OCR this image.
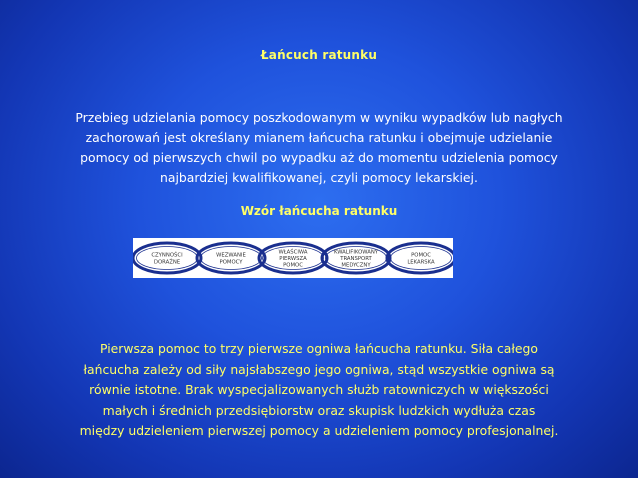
Łańcuch ratunku
Przebieg udzielania pomocy poszkodowanym w wyniku wypadków lub nagłych
zachorowań jest określany mianem łańcucha ratunku i obejmuje udzielanie
pomocy od pierwszych chwil po wypadku aż do momentu udzielenia pomocy
najbardziej kwalifikowanej, czyli pomocy lekarskiej.
Wzór łańcucha ratunku
CZYNNOŚCI
DORAŹNE
WEZWANIE
POMOCY
WŁAŚCIWA
PIERWSZA
POMOC
KWALIFIKOWANY
TRANSPORT
MEDYCZNY
POMOC
LEKARSKA
Pierwsza pomoc to trzy pierwsze ogniwa łańcucha ratunku. Siła całego
łańcucha zależy od siły najsłabszego jego ogniwa, stąd wszystkie ogniwa są
równie istotne. Brak wyspecjalizowanych służb ratowniczych w większości
małych i średnich przedsiębiorstw oraz skupisk ludzkich wydłuża czas
między udzieleniem pierwszej pomocy a udzieleniem pomocy profesjonalnej.
